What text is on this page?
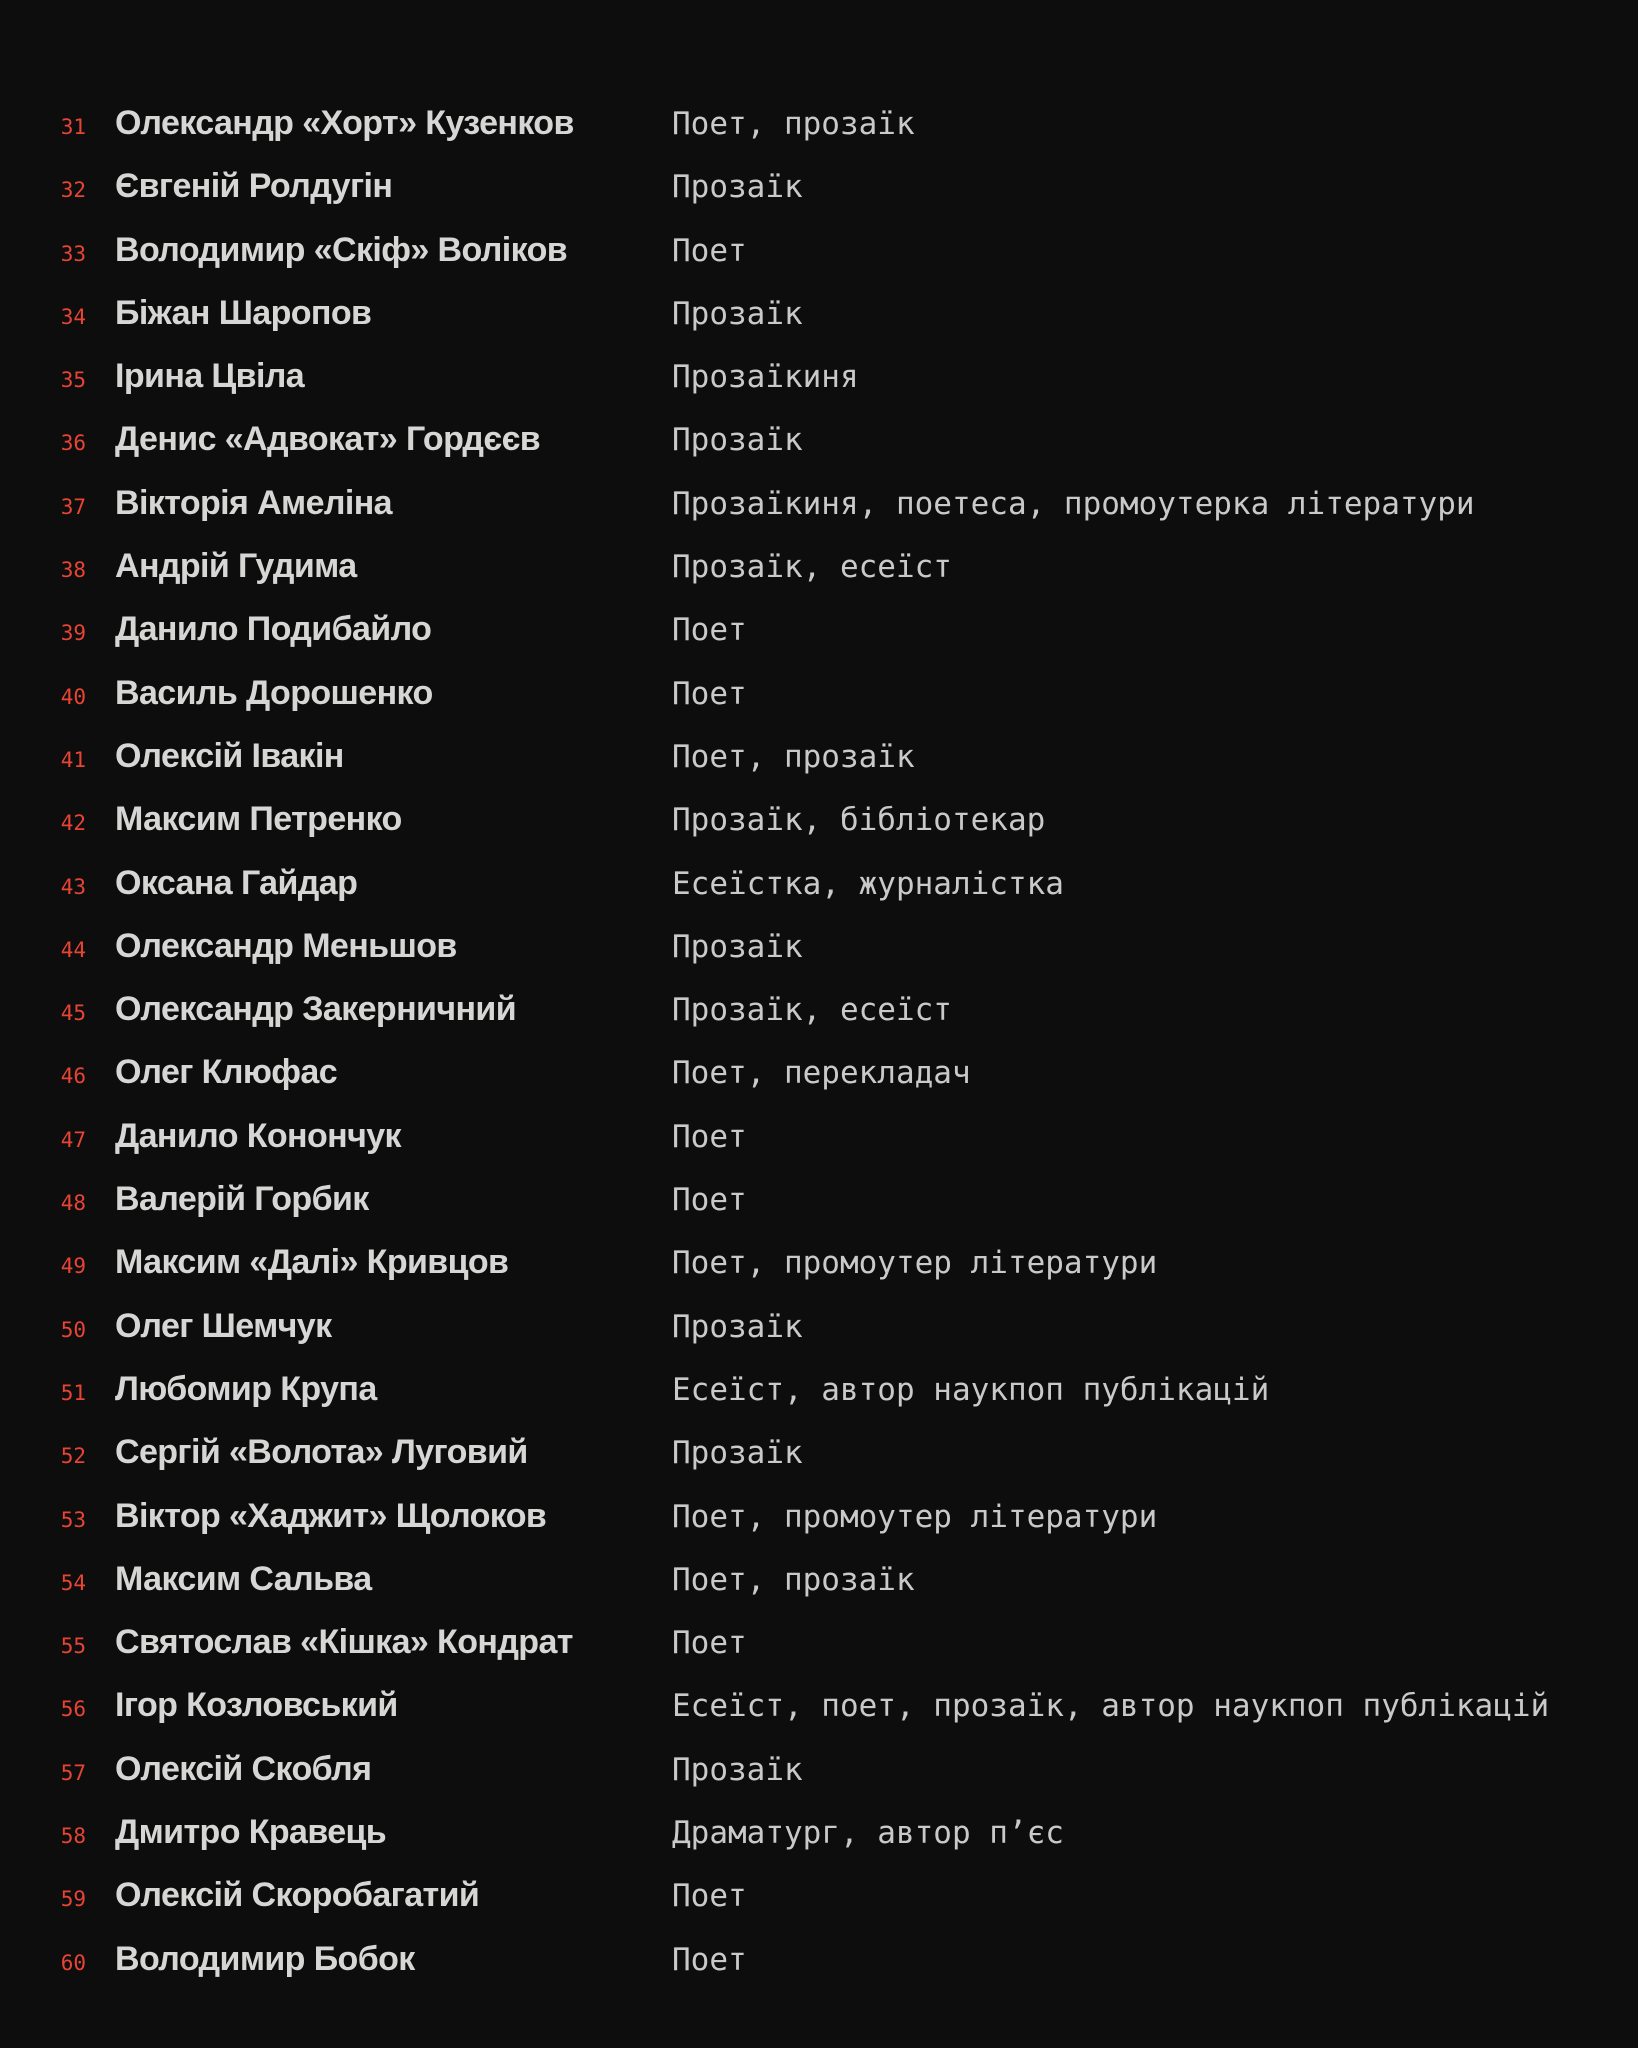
31 Олександр «Хорт» Кузенков	Поет, прозаїк
32 Євгеній Ролдугін	Прозаїк
33 Володимир «Скіф» Воліков	Поет
34 Біжан Шаропов	Прозаїк
35 Ірина Цвіла	Прозаїкиня
36 Денис «Адвокат» Гордєєв	Прозаїк
37 Вікторія Амеліна	Прозаїкиня, поетеса, промоутерка літератури
38 Андрій Гудима	Прозаїк, есеїст
39 Данило Подибайло	Поет
40 Василь Дорошенко	Поет
41 Олексій Івакін	Поет, прозаїк
42 Максим Петренко	Прозаїк, бібліотекар
43 Оксана Гайдар	Есеїстка, журналістка
44 Олександр Меньшов	Прозаїк
45 Олександр Закерничний	Прозаїк, есеїст
46 Олег Клюфас	Поет, перекладач
47 Данило Конончук	Поет
48 Валерій Горбик	Поет
49 Максим «Далі» Кривцов	Поет, промоутер літератури
50 Олег Шемчук	Прозаїк
51 Любомир Крупа	Есеїст, автор наукпоп публікацій
52 Сергій «Волота» Луговий	Прозаїк
53 Віктор «Хаджит» Щолоков	Поет, промоутер літератури
54 Максим Сальва	Поет, прозаїк
55 Святослав «Кішка» Кондрат	Поет
56 Ігор Козловський	Есеїст, поет, прозаїк, автор наукпоп публікацій
57 Олексій Скобля	Прозаїк
58 Дмитро Кравець	Драматург, автор п’єс
59 Олексій Скоробагатий	Поет
60 Володимир Бобок	Поет
